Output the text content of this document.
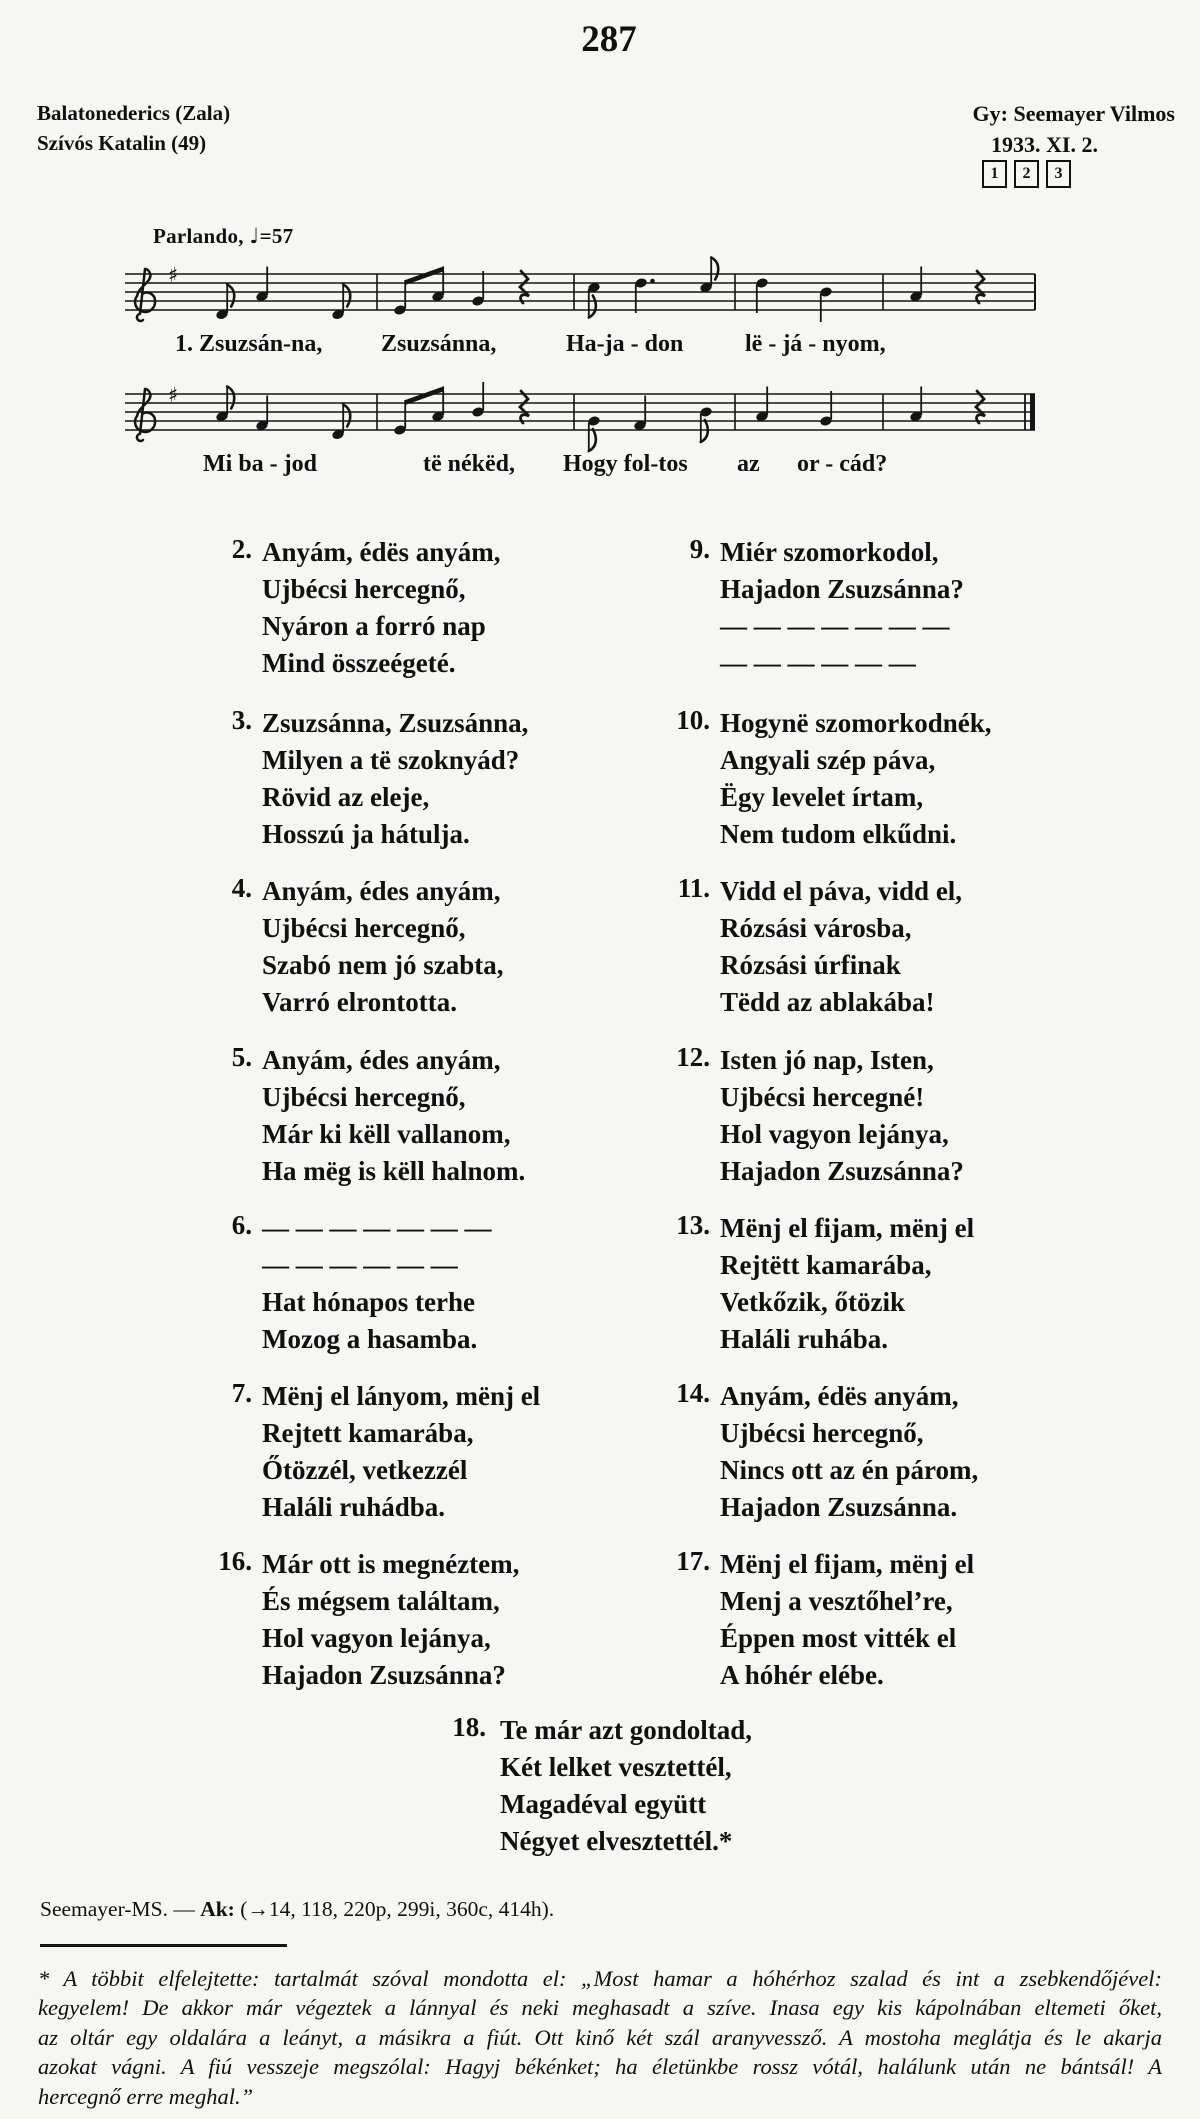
287
Balatonederics (Zala)
Szívós Katalin (49)
Gy: Seemayer Vilmos
1933. XI. 2.
1	2	3
Parlando, ♩=57
♯
♯
1. Zsuzsán-na, Zsuzsánna,	Ha-ja - don	lë - já - nyom,
Mi ba - jod	të nékëd, Hogy fol-tos az or - cád?
2. Anyám, édës anyám,
Ujbécsi hercegnő,
Nyáron a forró nap
Mind összeégeté.
3. Zsuzsánna, Zsuzsánna,
Milyen a të szoknyád?
Rövid az eleje,
Hosszú ja hátulja.
4. Anyám, édes anyám,
Ujbécsi hercegnő,
Szabó nem jó szabta,
Varró elrontotta.
5. Anyám, édes anyám,
Ujbécsi hercegnő,
Már ki këll vallanom,
Ha mëg is këll halnom.
6. — — — — — — —
— — — — — —
Hat hónapos terhe
Mozog a hasamba.
7. Mënj el lányom, mënj el
Rejtett kamarába,
Őtözzél, vetkezzél
Haláli ruhádba.
16. Már ott is megnéztem,
És mégsem találtam,
Hol vagyon lejánya,
Hajadon Zsuzsánna?
9. Miér szomorkodol,
Hajadon Zsuzsánna?
— — — — — — —
— — — — — —
10. Hogynë szomorkodnék,
Angyali szép páva,
Ëgy levelet írtam,
Nem tudom elkűdni.
11. Vidd el páva, vidd el,
Rózsási városba,
Rózsási úrfinak
Tëdd az ablakába!
12. Isten jó nap, Isten,
Ujbécsi hercegné!
Hol vagyon lejánya,
Hajadon Zsuzsánna?
13. Mënj el fijam, mënj el
Rejtëtt kamarába,
Vetkőzik, őtözik
Haláli ruhába.
14. Anyám, édës anyám,
Ujbécsi hercegnő,
Nincs ott az én párom,
Hajadon Zsuzsánna.
17. Mënj el fijam, mënj el
Menj a vesztőhel’re,
Éppen most vitték el
A hóhér elébe.
18. Te már azt gondoltad,
Két lelket vesztettél,
Magadéval együtt
Négyet elvesztettél.*
Seemayer-MS. — Ak: (→14, 118, 220p, 299i, 360c, 414h).
* A többit elfelejtette: tartalmát szóval mondotta el: „Most hamar a hóhérhoz szalad és int a zsebkendőjével:
kegyelem! De akkor már végeztek a lánnyal és neki meghasadt a szíve. Inasa egy kis kápolnában eltemeti őket,
az oltár egy oldalára a leányt, a másikra a fiút. Ott kinő két szál aranyvessző. A mostoha meglátja és le akarja
azokat vágni. A fiú vesszeje megszólal: Hagyj békénket; ha életünkbe rossz vótál, halálunk után ne bántsál! A
hercegnő erre meghal.”
